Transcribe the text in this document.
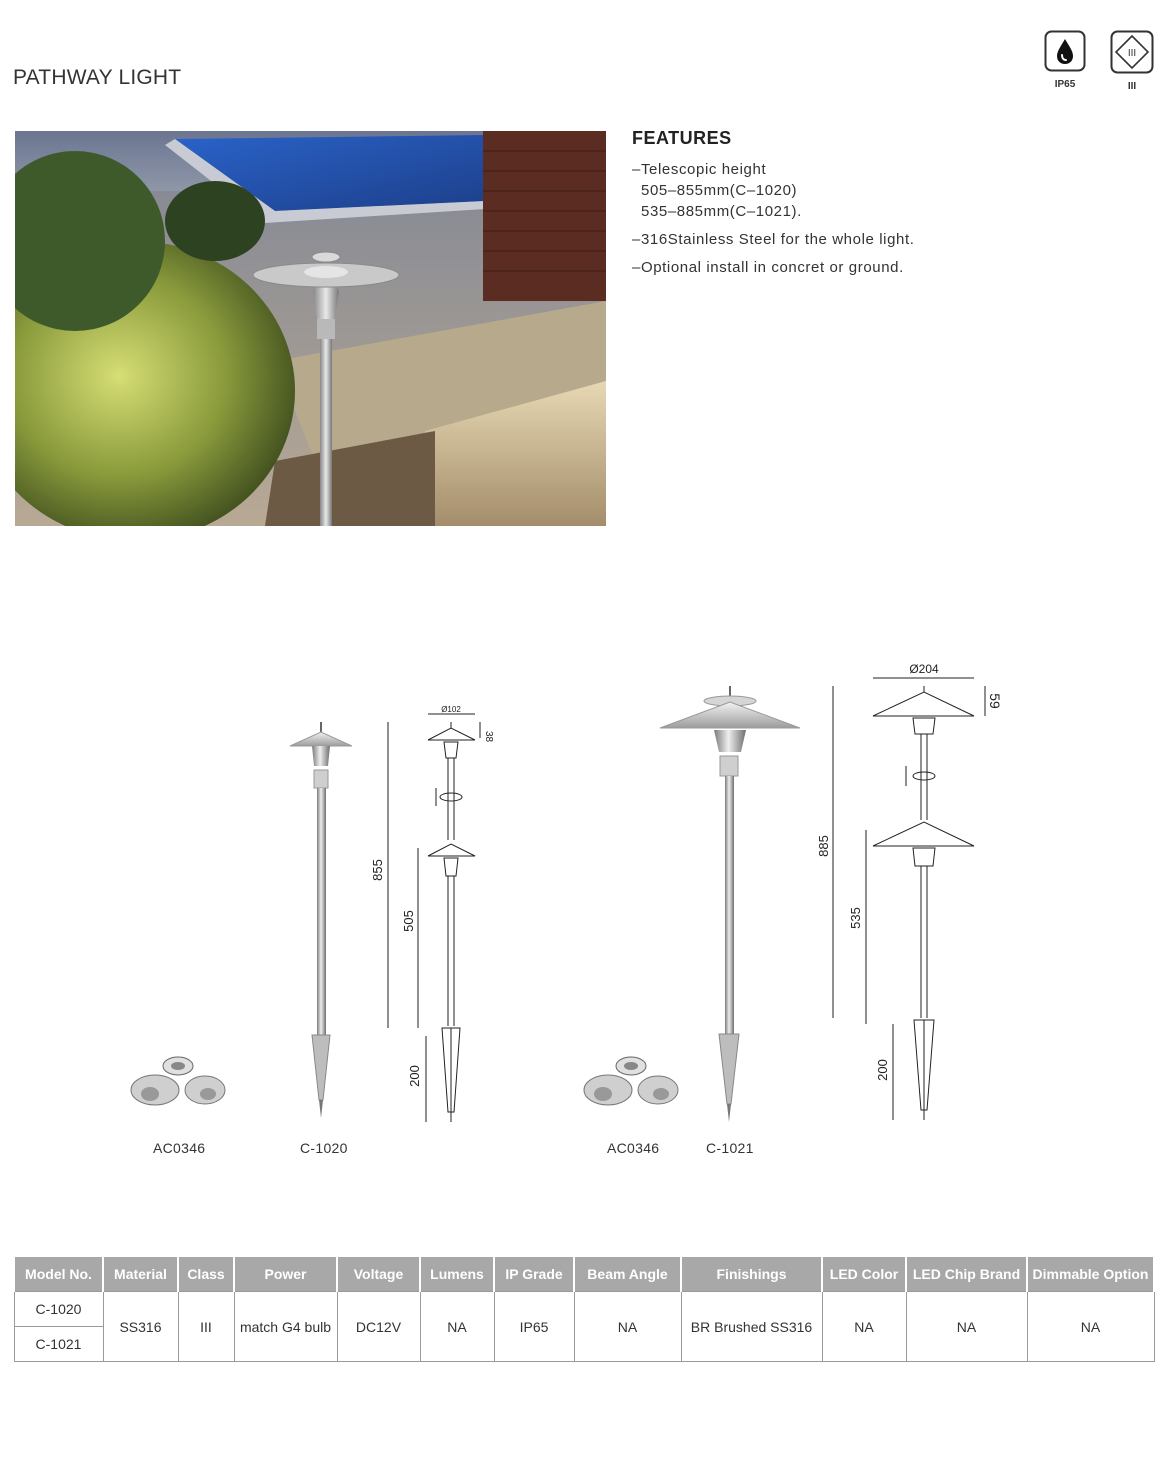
PATHWAY LIGHT	IP65
III
III
FEATURES
–Telescopic height
505–855mm(C–1020)
535–885mm(C–1021).
–316Stainless Steel for the whole light.
–Optional install in concret or ground.
Ø102
38
855
505
200
Ø204
59
885
535
200
AC0346	C-1020	AC0346	C-1021
Model No.	Material	Class	Power	Voltage	Lumens	IP Grade	Beam Angle	Finishings	LED Color	LED Chip Brand	Dimmable Option
C-1020	SS316	III	match G4 bulb	DC12V	NA	IP65	NA	BR Brushed SS316	NA	NA	NA
C-1021											
